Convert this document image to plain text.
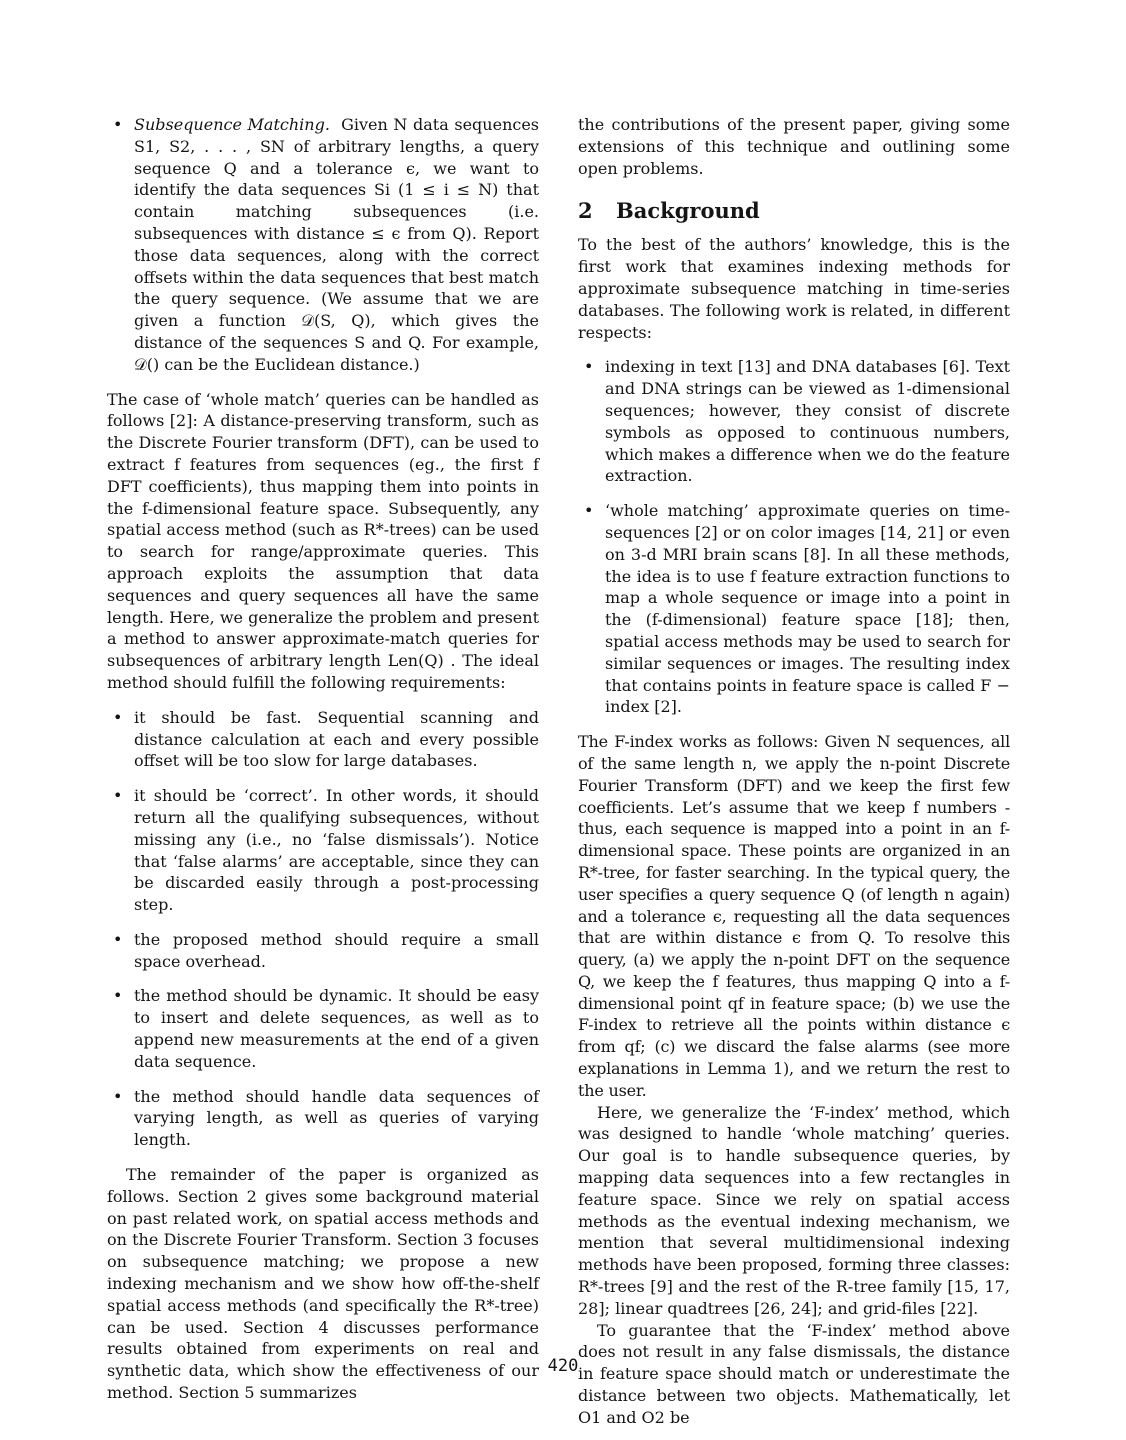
• Subsequence Matching. Given N data sequences S1, S2, . . . , SN of arbitrary lengths, a query sequence Q and a tolerance ϵ, we want to identify the data sequences Si (1 ≤ i ≤ N) that contain matching subsequences (i.e. subsequences with distance ≤ ϵ from Q). Report those data sequences, along with the correct offsets within the data sequences that best match the query sequence. (We assume that we are given a function 𝒟(S, Q), which gives the distance of the sequences S and Q. For example, 𝒟() can be the Euclidean distance.)

The case of ‘whole match’ queries can be handled as follows [2]: A distance-preserving transform, such as the Discrete Fourier transform (DFT), can be used to extract f features from sequences (eg., the first f DFT coefficients), thus mapping them into points in the f-dimensional feature space. Subsequently, any spatial access method (such as R*-trees) can be used to search for range/approximate queries. This approach exploits the assumption that data sequences and query sequences all have the same length. Here, we generalize the problem and present a method to answer approximate-match queries for subsequences of arbitrary length Len(Q) . The ideal method should fulfill the following requirements:

• it should be fast. Sequential scanning and distance calculation at each and every possible offset will be too slow for large databases.

• it should be ‘correct’. In other words, it should return all the qualifying subsequences, without missing any (i.e., no ‘false dismissals’). Notice that ‘false alarms’ are acceptable, since they can be discarded easily through a post-processing step.

• the proposed method should require a small space overhead.

• the method should be dynamic. It should be easy to insert and delete sequences, as well as to append new measurements at the end of a given data sequence.

• the method should handle data sequences of varying length, as well as queries of varying length.

The remainder of the paper is organized as follows. Section 2 gives some background material on past related work, on spatial access methods and on the Discrete Fourier Transform. Section 3 focuses on subsequence matching; we propose a new indexing mechanism and we show how off-the-shelf spatial access methods (and specifically the R*-tree) can be used. Section 4 discusses performance results obtained from experiments on real and synthetic data, which show the effectiveness of our method. Section 5 summarizes

the contributions of the present paper, giving some extensions of this technique and outlining some open problems.

2 Background

To the best of the authors’ knowledge, this is the first work that examines indexing methods for approximate subsequence matching in time-series databases. The following work is related, in different respects:

• indexing in text [13] and DNA databases [6]. Text and DNA strings can be viewed as 1-dimensional sequences; however, they consist of discrete symbols as opposed to continuous numbers, which makes a difference when we do the feature extraction.

• ‘whole matching’ approximate queries on time-sequences [2] or on color images [14, 21] or even on 3-d MRI brain scans [8]. In all these methods, the idea is to use f feature extraction functions to map a whole sequence or image into a point in the (f-dimensional) feature space [18]; then, spatial access methods may be used to search for similar sequences or images. The resulting index that contains points in feature space is called F − index [2].

The F-index works as follows: Given N sequences, all of the same length n, we apply the n-point Discrete Fourier Transform (DFT) and we keep the first few coefficients. Let’s assume that we keep f numbers - thus, each sequence is mapped into a point in an f-dimensional space. These points are organized in an R*-tree, for faster searching. In the typical query, the user specifies a query sequence Q (of length n again) and a tolerance ϵ, requesting all the data sequences that are within distance ϵ from Q. To resolve this query, (a) we apply the n-point DFT on the sequence Q, we keep the f features, thus mapping Q into a f-dimensional point qf in feature space; (b) we use the F-index to retrieve all the points within distance ϵ from qf; (c) we discard the false alarms (see more explanations in Lemma 1), and we return the rest to the user.

Here, we generalize the ‘F-index’ method, which was designed to handle ‘whole matching’ queries. Our goal is to handle subsequence queries, by mapping data sequences into a few rectangles in feature space. Since we rely on spatial access methods as the eventual indexing mechanism, we mention that several multidimensional indexing methods have been proposed, forming three classes: R*-trees [9] and the rest of the R-tree family [15, 17, 28]; linear quadtrees [26, 24]; and grid-files [22].

To guarantee that the ‘F-index’ method above does not result in any false dismissals, the distance in feature space should match or underestimate the distance between two objects. Mathematically, let O1 and O2 be

420
